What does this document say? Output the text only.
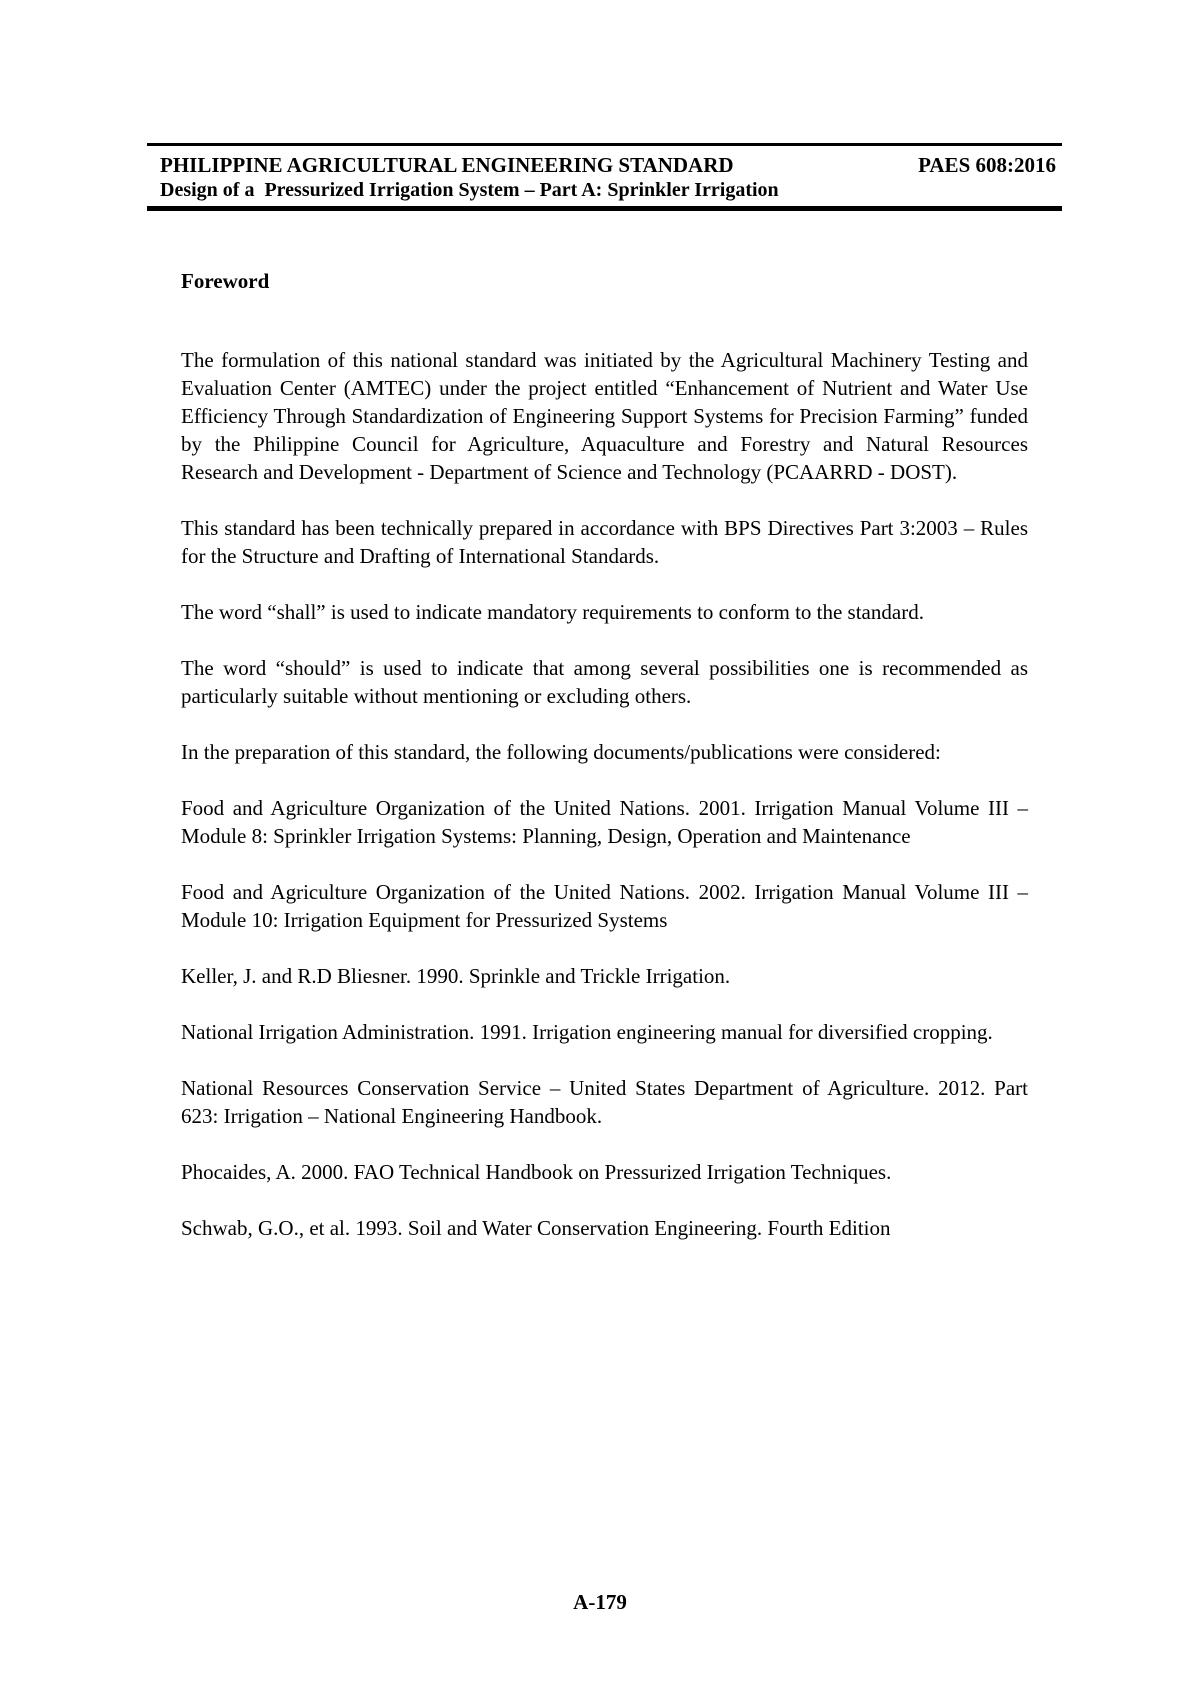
PHILIPPINE AGRICULTURAL ENGINEERING STANDARD	PAES 608:2016
Design of a  Pressurized Irrigation System – Part A: Sprinkler Irrigation
Foreword

The formulation of this national standard was initiated by the Agricultural Machinery Testing and Evaluation Center (AMTEC) under the project entitled “Enhancement of Nutrient and Water Use Efficiency Through Standardization of Engineering Support Systems for Precision Farming” funded by the Philippine Council for Agriculture, Aquaculture and Forestry and Natural Resources Research and Development - Department of Science and Technology (PCAARRD - DOST).

This standard has been technically prepared in accordance with BPS Directives Part 3:2003 – Rules for the Structure and Drafting of International Standards.

The word “shall” is used to indicate mandatory requirements to conform to the standard.

The word “should” is used to indicate that among several possibilities one is recommended as particularly suitable without mentioning or excluding others.

In the preparation of this standard, the following documents/publications were considered:

Food and Agriculture Organization of the United Nations. 2001. Irrigation Manual Volume III – Module 8: Sprinkler Irrigation Systems: Planning, Design, Operation and Maintenance

Food and Agriculture Organization of the United Nations. 2002. Irrigation Manual Volume III – Module 10: Irrigation Equipment for Pressurized Systems

Keller, J. and R.D Bliesner. 1990. Sprinkle and Trickle Irrigation.

National Irrigation Administration. 1991. Irrigation engineering manual for diversified cropping.

National Resources Conservation Service – United States Department of Agriculture. 2012. Part 623: Irrigation – National Engineering Handbook.

Phocaides, A. 2000. FAO Technical Handbook on Pressurized Irrigation Techniques.

Schwab, G.O., et al. 1993. Soil and Water Conservation Engineering. Fourth Edition

A-179
